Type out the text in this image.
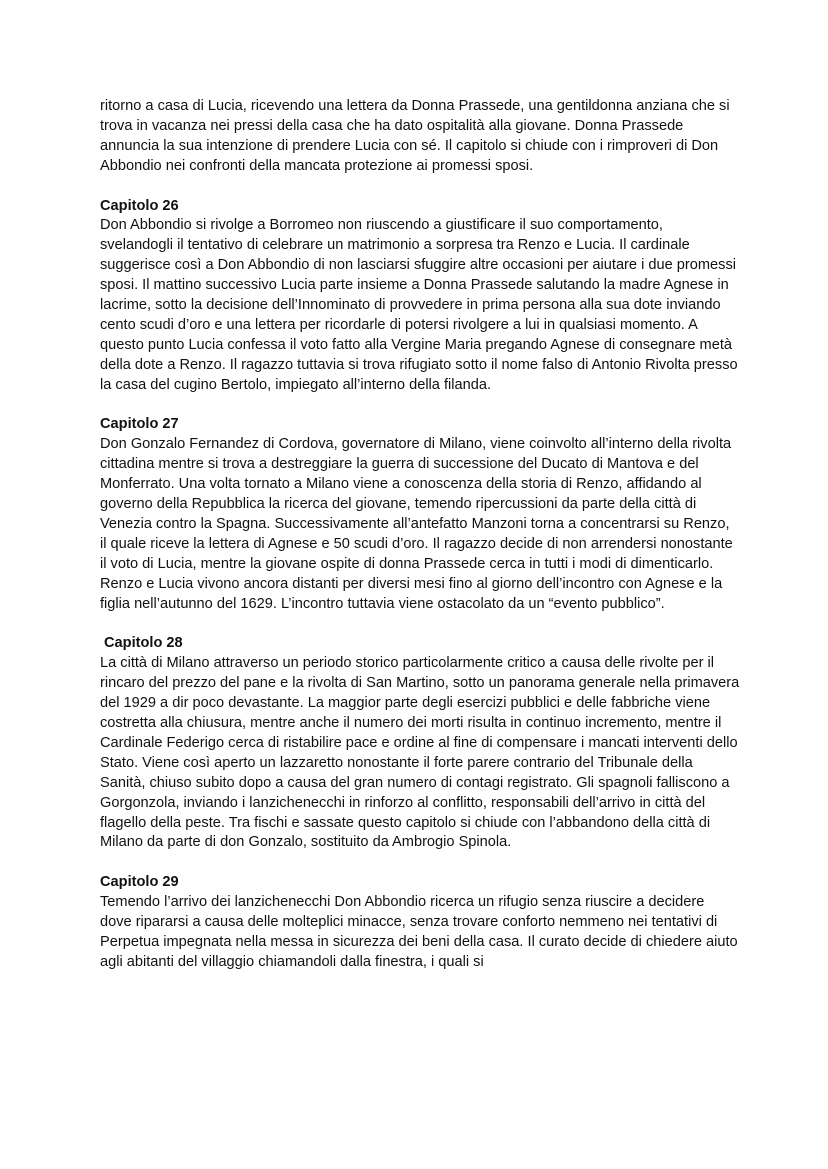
ritorno a casa di Lucia, ricevendo una lettera da Donna Prassede, una gentildonna anziana che si trova in vacanza nei pressi della casa che ha dato ospitalità alla giovane. Donna Prassede annuncia la sua intenzione di prendere Lucia con sé. Il capitolo si chiude con i rimproveri di Don Abbondio nei confronti della mancata protezione ai promessi sposi.

Capitolo 26

Don Abbondio si rivolge a Borromeo non riuscendo a giustificare il suo comportamento, svelandogli il tentativo di celebrare un matrimonio a sorpresa tra Renzo e Lucia. Il cardinale suggerisce così a Don Abbondio di non lasciarsi sfuggire altre occasioni per aiutare i due promessi sposi. Il mattino successivo Lucia parte insieme a Donna Prassede salutando la madre Agnese in lacrime, sotto la decisione dell’Innominato di provvedere in prima persona alla sua dote inviando cento scudi d’oro e una lettera per ricordarle di potersi rivolgere a lui in qualsiasi momento. A questo punto Lucia confessa il voto fatto alla Vergine Maria pregando Agnese di consegnare metà della dote a Renzo. Il ragazzo tuttavia si trova rifugiato sotto il nome falso di Antonio Rivolta presso la casa del cugino Bertolo, impiegato all’interno della filanda.

Capitolo 27

Don Gonzalo Fernandez di Cordova, governatore di Milano, viene coinvolto all’interno della rivolta cittadina mentre si trova a destreggiare la guerra di successione del Ducato di Mantova e del Monferrato. Una volta tornato a Milano viene a conoscenza della storia di Renzo, affidando al governo della Repubblica la ricerca del giovane, temendo ripercussioni da parte della città di Venezia contro la Spagna. Successivamente all’antefatto Manzoni torna a concentrarsi su Renzo, il quale riceve la lettera di Agnese e 50 scudi d’oro. Il ragazzo decide di non arrendersi nonostante il voto di Lucia, mentre la giovane ospite di donna Prassede cerca in tutti i modi di dimenticarlo. Renzo e Lucia vivono ancora distanti per diversi mesi fino al giorno dell’incontro con Agnese e la figlia nell’autunno del 1629. L’incontro tuttavia viene ostacolato da un “evento pubblico”.

Capitolo 28

La città di Milano attraverso un periodo storico particolarmente critico a causa delle rivolte per il rincaro del prezzo del pane e la rivolta di San Martino, sotto un panorama generale nella primavera del 1929 a dir poco devastante. La maggior parte degli esercizi pubblici e delle fabbriche viene costretta alla chiusura, mentre anche il numero dei morti risulta in continuo incremento, mentre il Cardinale Federigo cerca di ristabilire pace e ordine al fine di compensare i mancati interventi dello Stato. Viene così aperto un lazzaretto nonostante il forte parere contrario del Tribunale della Sanità, chiuso subito dopo a causa del gran numero di contagi registrato. Gli spagnoli falliscono a Gorgonzola, inviando i lanzichenecchi in rinforzo al conflitto, responsabili dell’arrivo in città del flagello della peste. Tra fischi e sassate questo capitolo si chiude con l’abbandono della città di Milano da parte di don Gonzalo, sostituito da Ambrogio Spinola.

Capitolo 29

Temendo l’arrivo dei lanzichenecchi Don Abbondio ricerca un rifugio senza riuscire a decidere dove ripararsi a causa delle molteplici minacce, senza trovare conforto nemmeno nei tentativi di Perpetua impegnata nella messa in sicurezza dei beni della casa. Il curato decide di chiedere aiuto agli abitanti del villaggio chiamandoli dalla finestra, i quali si
